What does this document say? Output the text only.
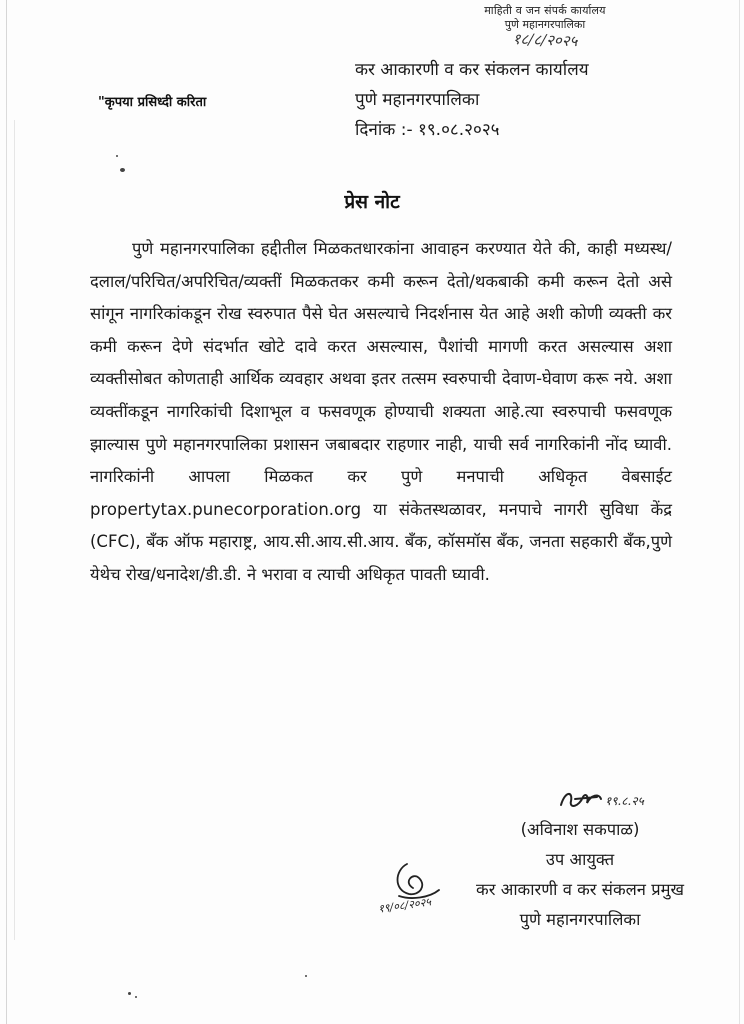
माहिती व जन संपर्क कार्यालय
पुणे महानगरपालिका
१८/८/२०२५
कर आकारणी व कर संकलन कार्यालय
पुणे महानगरपालिका
दिनांक :- १९.०८.२०२५
"कृपया प्रसिध्दी करिता
प्रेस नोट

पुणे महानगरपालिका हद्दीतील मिळकतधारकांना आवाहन करण्यात येते की, काही मध्यस्थ/दलाल/परिचित/अपरिचित/व्यक्तीं मिळकतकर कमी करून देतो/थकबाकी कमी करून देतो असे सांगून नागरिकांकडून रोख स्वरुपात पैसे घेत असल्याचे निदर्शनास येत आहे अशी कोणी व्यक्ती कर कमी करून देणे संदर्भात खोटे दावे करत असल्यास, पैशांची मागणी करत असल्यास अशा व्यक्तीसोबत कोणताही आर्थिक व्यवहार अथवा इतर तत्सम स्वरुपाची देवाण-घेवाण करू नये. अशा व्यक्तींकडून नागरिकांची दिशाभूल व फसवणूक होण्याची शक्यता आहे.त्या स्वरुपाची फसवणूक झाल्यास पुणे महानगरपालिका प्रशासन जबाबदार राहणार नाही, याची सर्व नागरिकांनी नोंद घ्यावी. नागरिकांनी आपला मिळकत कर पुणे मनपाची अधिकृत वेबसाईट propertytax.punecorporation.org या संकेतस्थळावर, मनपाचे नागरी सुविधा केंद्र (CFC), बँक ऑफ महाराष्ट्र, आय.सी.आय.सी.आय. बँक, कॉसमॉस बँक, जनता सहकारी बँक,पुणे येथेच रोख/धनादेश/डी.डी. ने भरावा व त्याची अधिकृत पावती घ्यावी.

१९.८.२५
(अविनाश सकपाळ)
उप आयुक्त
कर आकारणी व कर संकलन प्रमुख
पुणे महानगरपालिका
१९/०८/२०२५
